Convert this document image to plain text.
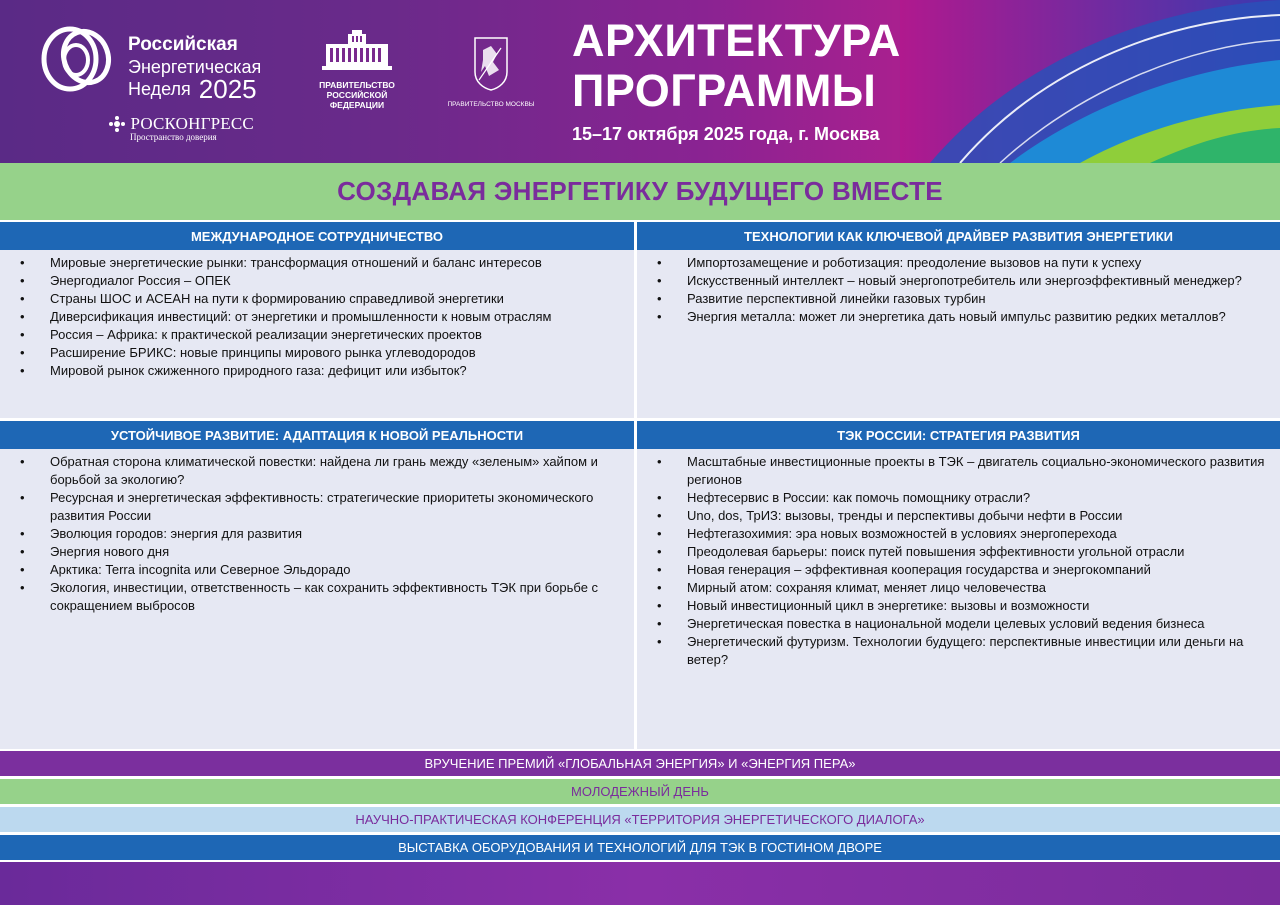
Российская
Энергетическая
Неделя 2025
РОСКОНГРЕСС
Пространство доверия
ПРАВИТЕЛЬСТВО
РОССИЙСКОЙ
ФЕДЕРАЦИИ	ПРАВИТЕЛЬСТВО МОСКВЫ
АРХИТЕКТУРА
ПРОГРАММЫ
15–17 октября 2025 года, г. Москва
СОЗДАВАЯ ЭНЕРГЕТИКУ БУДУЩЕГО ВМЕСТЕ
МЕЖДУНАРОДНОЕ СОТРУДНИЧЕСТВО
• Мировые энергетические рынки: трансформация отношений и баланс интересов
• Энергодиалог Россия – ОПЕК
• Страны ШОС и АСЕАН на пути к формированию справедливой энергетики
• Диверсификация инвестиций: от энергетики и промышленности к новым отраслям
• Россия – Африка: к практической реализации энергетических проектов
• Расширение БРИКС: новые принципы мирового рынка углеводородов
• Мировой рынок сжиженного природного газа: дефицит или избыток?
ТЕХНОЛОГИИ КАК КЛЮЧЕВОЙ ДРАЙВЕР РАЗВИТИЯ ЭНЕРГЕТИКИ
• Импортозамещение и роботизация: преодоление вызовов на пути к успеху
• Искусственный интеллект – новый энергопотребитель или энергоэффективный менеджер?
• Развитие перспективной линейки газовых турбин
• Энергия металла: может ли энергетика дать новый импульс развитию редких металлов?
УСТОЙЧИВОЕ РАЗВИТИЕ: АДАПТАЦИЯ К НОВОЙ РЕАЛЬНОСТИ
• Обратная сторона климатической повестки: найдена ли грань между «зеленым» хайпом и борьбой за экологию?
• Ресурсная и энергетическая эффективность: стратегические приоритеты экономического развития России
• Эволюция городов: энергия для развития
• Энергия нового дня
• Арктика: Terra incognita или Северное Эльдорадо
• Экология, инвестиции, ответственность – как сохранить эффективность ТЭК при борьбе с сокращением выбросов
ТЭК РОССИИ: СТРАТЕГИЯ РАЗВИТИЯ
• Масштабные инвестиционные проекты в ТЭК – двигатель социально-экономического развития регионов
• Нефтесервис в России: как помочь помощнику отрасли?
• Uno, dos, ТрИЗ: вызовы, тренды и перспективы добычи нефти в России
• Нефтегазохимия: эра новых возможностей в условиях энергоперехода
• Преодолевая барьеры: поиск путей повышения эффективности угольной отрасли
• Новая генерация – эффективная кооперация государства и энергокомпаний
• Мирный атом: сохраняя климат, меняет лицо человечества
• Новый инвестиционный цикл в энергетике: вызовы и возможности
• Энергетическая повестка в национальной модели целевых условий ведения бизнеса
• Энергетический футуризм. Технологии будущего: перспективные инвестиции или деньги на ветер?
ВРУЧЕНИЕ ПРЕМИЙ «ГЛОБАЛЬНАЯ ЭНЕРГИЯ» И «ЭНЕРГИЯ ПЕРА»
МОЛОДЕЖНЫЙ ДЕНЬ
НАУЧНО-ПРАКТИЧЕСКАЯ КОНФЕРЕНЦИЯ «ТЕРРИТОРИЯ ЭНЕРГЕТИЧЕСКОГО ДИАЛОГА»
ВЫСТАВКА ОБОРУДОВАНИЯ И ТЕХНОЛОГИЙ ДЛЯ ТЭК В ГОСТИНОМ ДВОРЕ
